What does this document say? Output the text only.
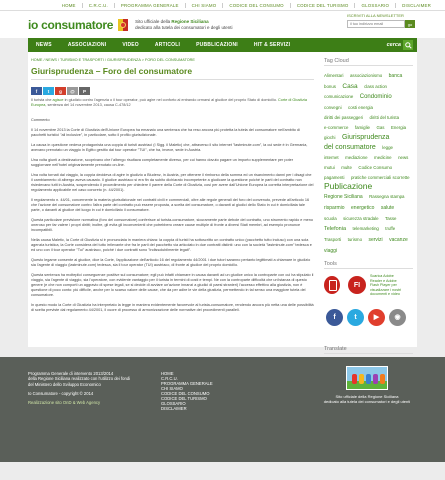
HOME	C.R.C.U.	PROGRAMMA GENERALE	CHI SIAMO	CODICE DEL CONSUMO	CODICE DEL TURISMO	GLOSSARIO	DISCLAIMER
io consumatore	Sito ufficiale della Regione Siciliana
dedicato alla tutela dei consumatori e degli utenti
ISCRIVITI ALLA NEWSLETTER
il tuo indirizzo email
go
NEWS	ASSOCIAZIONI	VIDEO	ARTICOLI	PUBBLICAZIONI	HIT & SERVIZI	cerca
HOME / NEWS / TURISMO E TRASPORTI / GIURISPRUDENZA > FORO DEL CONSUMATORE
Giurisprudenza – Foro del consumatore
f	t	g	@	P
Il turista che agisce in giudizio contro l'agenzia o il tour operator, può agire nel conforto al entrando ormarsi al giudice del proprio Stato di domicilio. Corte di Giustizia Europea, sentenza del 14 novembre 2013, causa C-478/12

Commento

Il 14 novembre 2013 la Corte di Giustizia dell'Unione Europea ha emanato una sentenza che ha reso ancora più protetta la tutela del consumatore nell'ambito di pacchetti turistici "all inclusive", in particolare, sotto il profilo giurisdizionale.

La causa in questione vedeva protagonista una coppia di turisti austriaci (I Sigg. il Maletic) che, attraverso il sito internet "lastminute.com", la cui sede è in Germania, avevano prenotato un viaggio in Egitto gestito dal tour operator "TUI", che ha, invece, sede in Austria.

Una volta giunti a destinazione, scoprivano che l'albergo risultava completamente diverso, per cui hanno dovuto pagare un importo supplementare per poter soggiornare nell'hotel originariamente prenotato on-line.

Una volta tornati dal viaggio, la coppia decideva di agire in giudizio a Bludenz, in Austria, per ottenere il rimborso della somma ed un risarcimento danni per i disagi che il cambiamento di albergo aveva causato. Il giudice austriaco si era fin da subito dichiarato incompetente a giudicare la questione poiché le parti del contratto non risiedevano tutti in Austria, sospendendo il procedimento per chiedere il parere della Corte di Giustizia, così per avere dall'Unione Europea la corretta interpretazione del regolamento applicabile nel caso concreto (n. 44/2001).

Il regolamento n. 44/01, concernente la materia giurisdizionale nei contratti civili e commerciali, oltre alle regole generali del foro del convenuto, prevede all'articolo 16 che l'azione del consumatore contro l'altra parte del contratto può essere proposta, a scelta del consumatore, o davanti ai giudici dello Stato in cui è domiciliata tale parte, o davanti al giudice del luogo in cui è domiciliato il consumatore.

Questa particolare previsione normativa (foro del consumatore) conferisce al turista-consumatore, sicuramente parte debole del contratto, uno strumento rapido e meno oneroso per far valere i propri diritti; inoltre, gli evita gli inconvenienti che potrebbero creare cause multiple di fronte a diversi Stati membri, ad esempio pronunce incompatibili.

Nella causa Maletic, la Corte di Giustizia si è pronunciata in maniera chiara: la coppia di turisti ha sottoscritto un contratto unico (pacchetto tutto incluso) con una sola agenzia turistica, la Corte considera del tutto irrilevante che fra le parti del pacchetto via articolato in due contratti distinti: uno con la società "lastminute.com" tedesca e ed uno con il tour operator "Tui" austriaco, poiché i due contratti sono "indissolubilmente legati".

Questo legame consente al giudice, dice la Corte, l'applicazione dell'articolo 16 del regolamento 44/2001 i due tutori saranno pertanto legittimati a chiamare in giudizio sia l'agente di viaggio (lastminute.com) tedesca, sia il tour operator (TUI) austriaco, di fronte al giudice del proprio domicilio.

Questa sentenza ha molteplici conseguenze positive sul consumatore; egli può infatti chiamare in causa davanti ad un giudice unico la controparte con cui ha stipulato il viaggio, sia l'agente di viaggio, sia l'operatore, con evidente vantaggio per il turista in termini di costi e tempi. Ne con la controparte difficoltà che un'istanza di questo genere (e che non comporti un aggravio di spese legali, se si decide di avviare un'azione innanzi a giudici di paesi stranieri) l'accesso effettivo alla giustizia, non è questione di poco conto: più difficile, anche per lo scarso valore delle cause, che da per adire le vie della giustizia, permettendo in tal senso una maggiore tutela del consumatore.

In questo modo la Corte di Giustizia ha interpretato la legge in maniera evidentemente favorevole al turista-consumatore, rendendo ancora più netta una delle possibilità di scelta previste dal regolamento 44/2001, il cuore di processo di armonizzazione delle normative dei procedimenti paralleli.

Tag Cloud
Alimentari associazionismo banca bonus Casa class action comunicazione Condominio convegni costi energia diritti dei passeggeri diritti del turista e-commerce famiglie Gas Energia giochi Giurisprudenza del consumatore legge internet mediazione medicine news mutui multe Codice Consumo pagamenti pratiche commerciali scorrette Publicazione Regione Siciliana Rassegna stampa risparmio energetico salute scuola sicurezza stradale Tasse Telefonia telemarketing truffe Trasporti turismo servizi vacanze viaggi
Tools
FI
Scarica Adobe Reader e Adobe Flash Player per visualizzare i nostri documenti e video
f	t	▶	◉
Translate
Programma Generale di intervento 2013/2014
della Regione Siciliana realizzato con l'utilizzo dei fondi
del Ministero dello Sviluppo Economico
Io Consumatore - copyright © 2014
Realizzazione sito OnD & Web Agency
HOME
C.R.C.U.
PROGRAMMA GENERALE
CHI SIAMO
CODICE DEL CONSUMO
CODICE DEL TURISMO
GLOSSARIO
DISCLAIMER
Sito ufficiale della Regione Siciliana
dedicato alla tutela dei consumatori e degli utenti
